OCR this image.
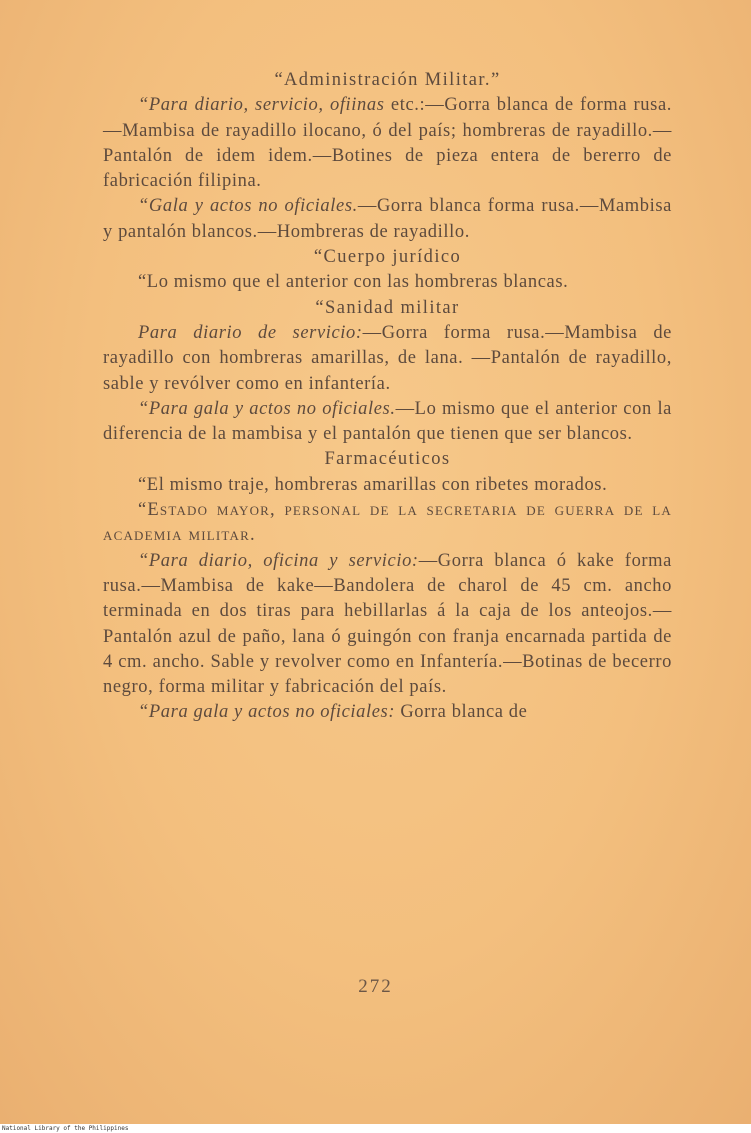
“Administración Militar.”

“Para diario, servicio, ofiinas etc.:—Gorra blanca de forma rusa.—Mambisa de rayadillo ilocano, ó del país; hombreras de rayadillo.—Pantalón de idem idem.—Botines de pieza entera de bererro de fabricación filipina.

“Gala y actos no oficiales.—Gorra blanca forma rusa.—Mambisa y pantalón blancos.—Hombreras de rayadillo.

“Cuerpo jurídico

“Lo mismo que el anterior con las hombreras blancas.

“Sanidad militar

Para diario de servicio:—Gorra forma rusa.—Mambisa de rayadillo con hombreras amarillas, de lana. —Pantalón de rayadillo, sable y revólver como en infantería.

“Para gala y actos no oficiales.—Lo mismo que el anterior con la diferencia de la mambisa y el pantalón que tienen que ser blancos.

Farmacéuticos

“El mismo traje, hombreras amarillas con ribetes morados.

“Estado mayor, personal de la secretaria de guerra de la academia militar.

“Para diario, oficina y servicio:—Gorra blanca ó kake forma rusa.—Mambisa de kake—Bandolera de charol de 45 cm. ancho terminada en dos tiras para hebillarlas á la caja de los anteojos.—Pantalón azul de paño, lana ó guingón con franja encarnada partida de 4 cm. ancho. Sable y revolver como en Infantería.—Botinas de becerro negro, forma militar y fabricación del país.

“Para gala y actos no oficiales: Gorra blanca de

272
National Library of the Philippines
